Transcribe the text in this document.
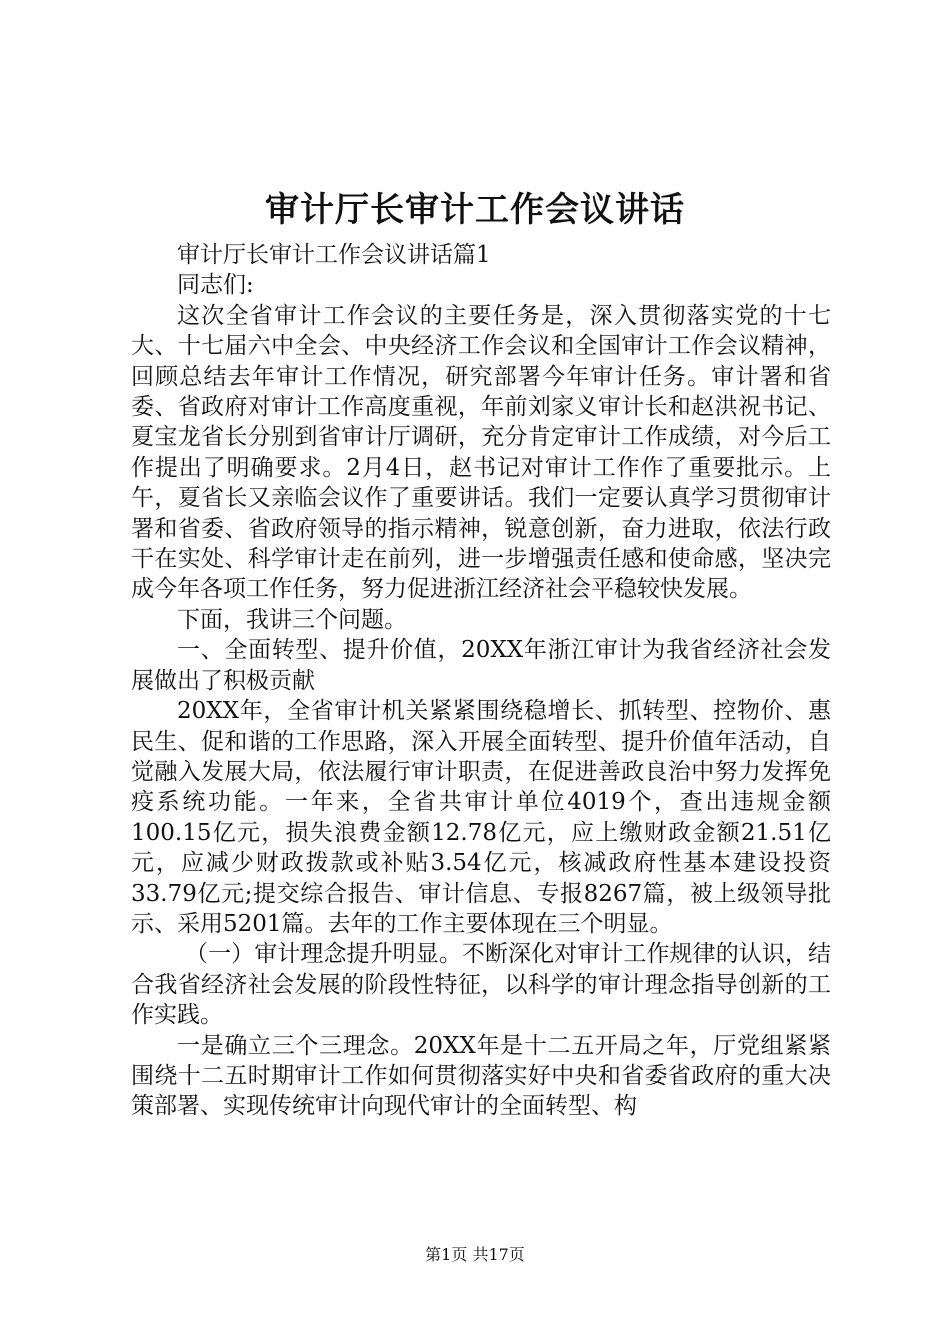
审计厅长审计工作会议讲话

审计厅长审计工作会议讲话篇1

同志们:

这次全省审计工作会议的主要任务是，深入贯彻落实党的十七大、十七届六中全会、中央经济工作会议和全国审计工作会议精神，回顾总结去年审计工作情况，研究部署今年审计任务。审计署和省委、省政府对审计工作高度重视，年前刘家义审计长和赵洪祝书记、夏宝龙省长分别到省审计厅调研，充分肯定审计工作成绩，对今后工作提出了明确要求。2月4日，赵书记对审计工作作了重要批示。上午，夏省长又亲临会议作了重要讲话。我们一定要认真学习贯彻审计署和省委、省政府领导的指示精神，锐意创新，奋力进取，依法行政干在实处、科学审计走在前列，进一步增强责任感和使命感，坚决完成今年各项工作任务，努力促进浙江经济社会平稳较快发展。

下面，我讲三个问题。

一、全面转型、提升价值，20XX年浙江审计为我省经济社会发展做出了积极贡献

20XX年，全省审计机关紧紧围绕稳增长、抓转型、控物价、惠民生、促和谐的工作思路，深入开展全面转型、提升价值年活动，自觉融入发展大局，依法履行审计职责，在促进善政良治中努力发挥免疫系统功能。一年来，全省共审计单位4019个，查出违规金额100.15亿元，损失浪费金额12.78亿元，应上缴财政金额21.51亿元，应减少财政拨款或补贴3.54亿元，核减政府性基本建设投资33.79亿元;提交综合报告、审计信息、专报8267篇，被上级领导批示、采用5201篇。去年的工作主要体现在三个明显。

（一）审计理念提升明显。不断深化对审计工作规律的认识，结合我省经济社会发展的阶段性特征，以科学的审计理念指导创新的工作实践。

一是确立三个三理念。20XX年是十二五开局之年，厅党组紧紧围绕十二五时期审计工作如何贯彻落实好中央和省委省政府的重大决策部署、实现传统审计向现代审计的全面转型、构

第1页 共17页
